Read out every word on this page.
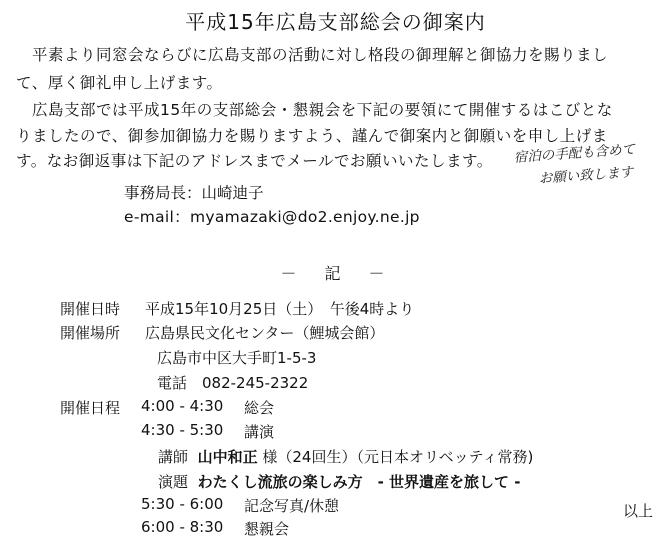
平成15年広島支部総会の御案内
　平素より同窓会ならびに広島支部の活動に対し格段の御理解と御協力を賜りまし
て、厚く御礼申し上げます。
　広島支部では平成15年の支部総会・懇親会を下記の要領にて開催するはこびとな
りましたので、御参加御協力を賜りますよう、謹んで御案内と御願いを申し上げま
す。なお御返事は下記のアドレスまでメールでお願いいたします。 宿泊の手配も含めて
お願い致します
事務局長：山崎迪子
e-mail：myamazaki@do2.enjoy.ne.jp
－　記　－
開催日時 平成15年10月25日（土）　午後4時より
開催場所 広島県民文化センター（鯉城会館）
広島市中区大手町1-5-3
電話　082-245-2322
開催日程 4:00 - 4:30 総会
4:30 - 5:30 講演
講師 山中和正 様（24回生）（元日本オリベッティ常務)
演題 わたくし流旅の楽しみ方　- 世界遺産を旅して -
5:30 - 6:00 記念写真/休憩
6:00 - 8:30 懇親会
以上
